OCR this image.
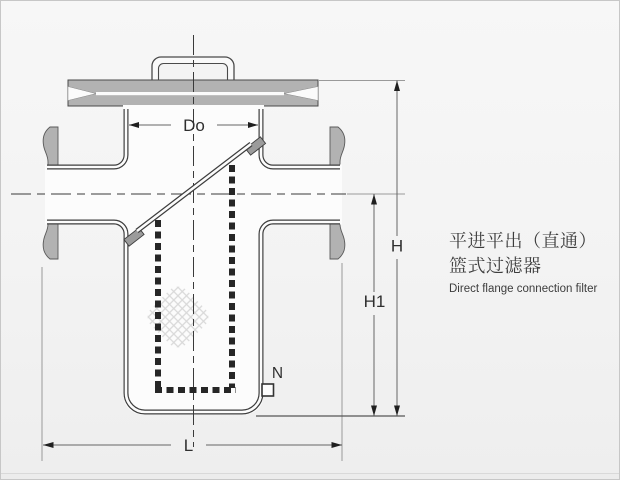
Do
H
H1
L
N
平进平出（直通）
篮式过滤器
Direct flange connection filter
